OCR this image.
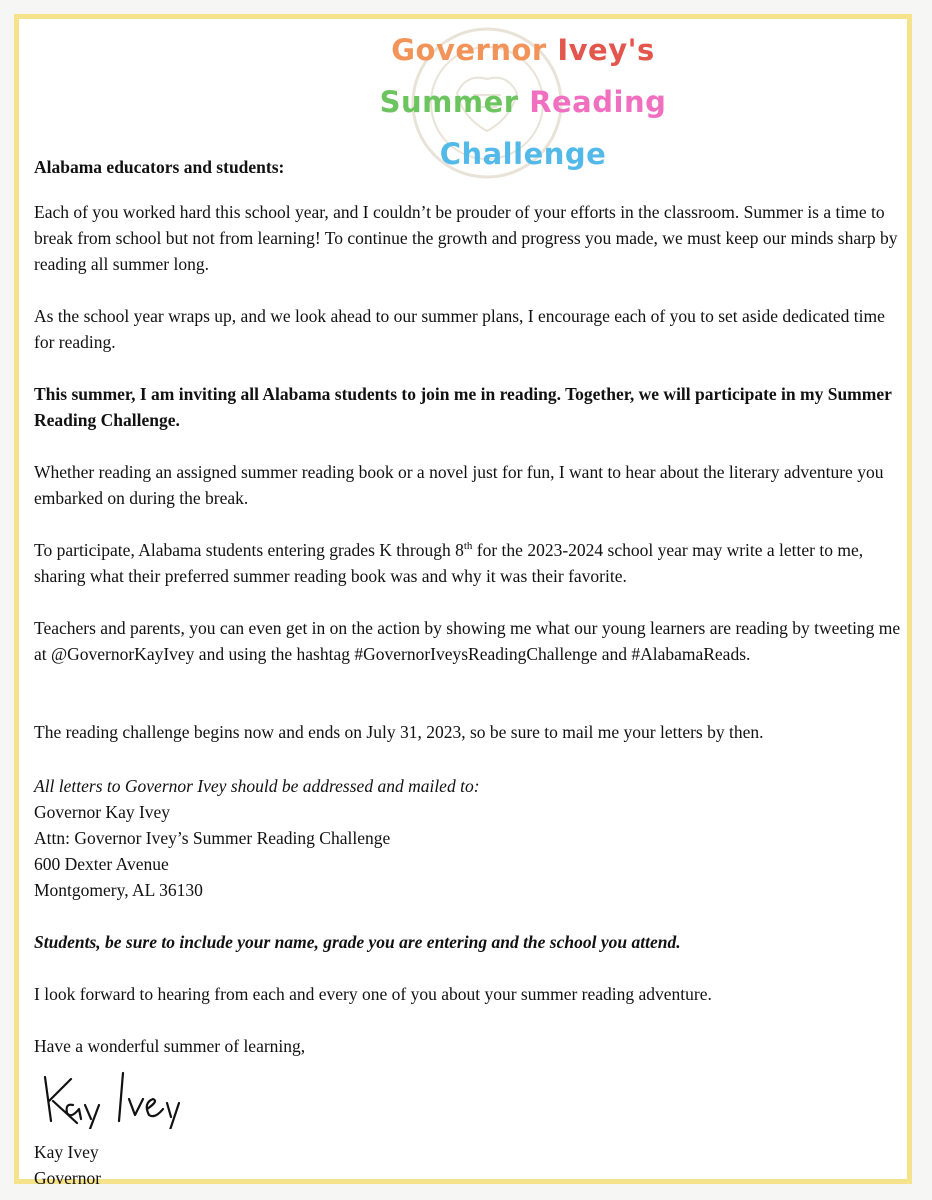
Governor Ivey's
Summer Reading
Challenge
Alabama educators and students:
Each of you worked hard this school year, and I couldn’t be prouder of your efforts in the classroom. Summer is a time to break from school but not from learning! To continue the growth and progress you made, we must keep our minds sharp by reading all summer long.
As the school year wraps up, and we look ahead to our summer plans, I encourage each of you to set aside dedicated time for reading.
This summer, I am inviting all Alabama students to join me in reading. Together, we will participate in my Summer Reading Challenge.
Whether reading an assigned summer reading book or a novel just for fun, I want to hear about the literary adventure you embarked on during the break.
To participate, Alabama students entering grades K through 8th for the 2023-2024 school year may write a letter to me, sharing what their preferred summer reading book was and why it was their favorite.
Teachers and parents, you can even get in on the action by showing me what our young learners are reading by tweeting me at @GovernorKayIvey and using the hashtag #GovernorIveysReadingChallenge and #AlabamaReads.
The reading challenge begins now and ends on July 31, 2023, so be sure to mail me your letters by then.
All letters to Governor Ivey should be addressed and mailed to:
Governor Kay Ivey
Attn: Governor Ivey’s Summer Reading Challenge
600 Dexter Avenue
Montgomery, AL 36130
Students, be sure to include your name, grade you are entering and the school you attend.
I look forward to hearing from each and every one of you about your summer reading adventure.
Have a wonderful summer of learning,
Kay Ivey
Governor
